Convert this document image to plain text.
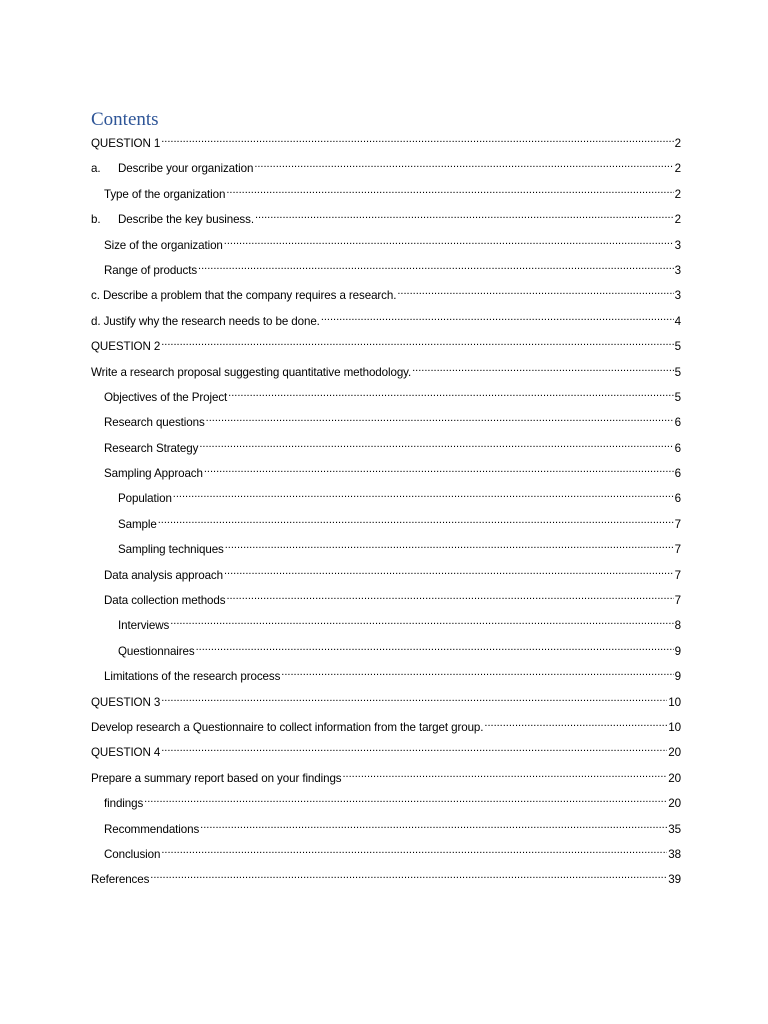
Contents
QUESTION 1 .....	2
a.	Describe your organization .....	2
Type of the organization .....	2
b.	Describe the key business. .....	2
Size of the organization .....	3
Range of products .....	3
c. Describe a problem that the company requires a research. .....	3
d. Justify why the research needs to be done. .....	4
QUESTION 2 .....	5
Write a research proposal suggesting quantitative methodology. .....	5
Objectives of the Project .....	5
Research questions .....	6
Research Strategy .....	6
Sampling Approach .....	6
Population .....	6
Sample .....	7
Sampling techniques .....	7
Data analysis approach .....	7
Data collection methods .....	7
Interviews .....	8
Questionnaires .....	9
Limitations of the research process .....	9
QUESTION 3 .....	10
Develop research a Questionnaire to collect information from the target group. .....	10
QUESTION 4 .....	20
Prepare a summary report based on your findings .....	20
findings .....	20
Recommendations .....	35
Conclusion .....	38
References .....	39
